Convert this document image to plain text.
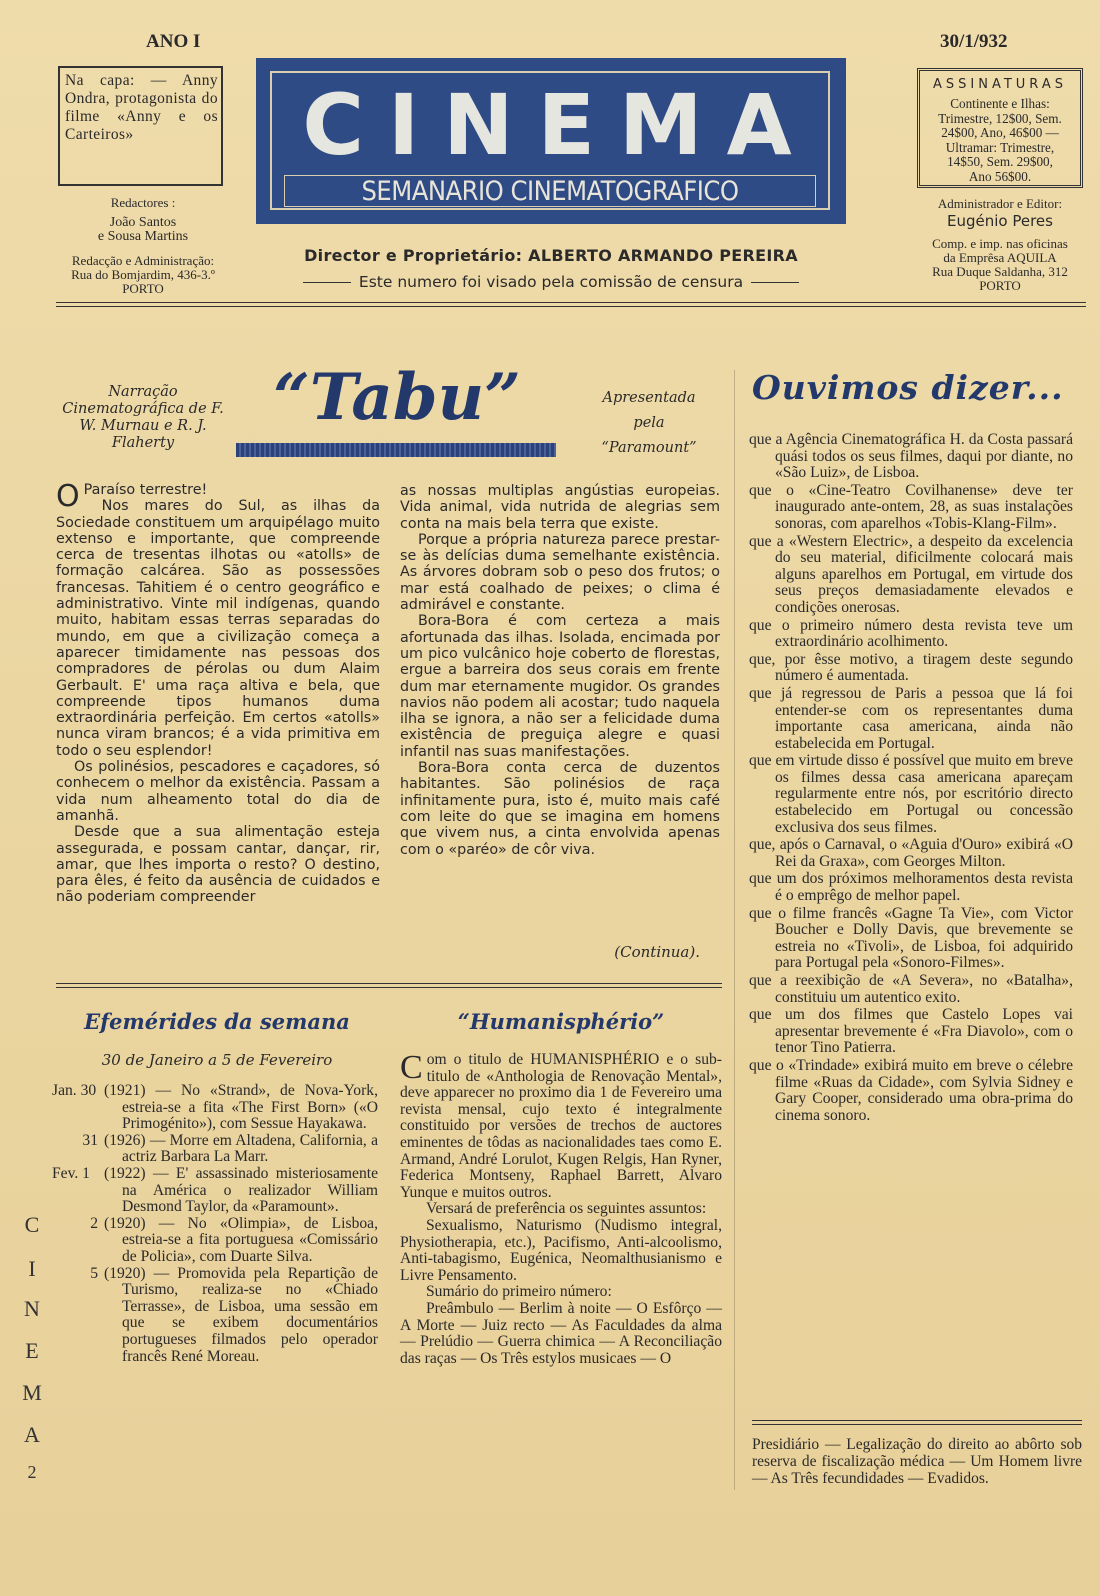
ANO I	30/1/932
Na capa: — Anny Ondra, protagonista do filme «Anny e os Carteiros»
Redactores :
João Santos
e Sousa Martins
Redacção e Administração:
Rua do Bomjardim, 436-3.º
PORTO
CINEMA
SEMANARIO CINEMATOGRAFICO
Director e Proprietário: ALBERTO ARMANDO PEREIRA
Este numero foi visado pela comissão de censura
ASSINATURAS
Continente e Ilhas:
Trimestre, 12$00, Sem.
24$00, Ano, 46$00 —
Ultramar: Trimestre,
14$50, Sem. 29$00,
Ano 56$00.
Administrador e Editor:
Eugénio Peres
Comp. e imp. nas oficinas
da Emprêsa AQUILA
Rua Duque Saldanha, 312
PORTO
Narração Cinematográfica de F. W. Murnau e R. J. Flaherty
“Tabu”	Apresentada pela “Paramount”

O Paraíso terrestre!

Nos mares do Sul, as ilhas da Sociedade constituem um arquipélago muito extenso e importante, que compreende cerca de tresentas ilhotas ou «atolls» de formação calcárea. São as possessões francesas. Tahitiem é o centro geográfico e administrativo. Vinte mil indígenas, quando muito, habitam essas terras separadas do mundo, em que a civilização começa a aparecer timidamente nas pessoas dos compradores de pérolas ou dum Alaim Gerbault. E' uma raça altiva e bela, que compreende tipos humanos duma extraordinária perfeição. Em certos «atolls» nunca viram brancos; é a vida primitiva em todo o seu esplendor!

Os polinésios, pescadores e caçadores, só conhecem o melhor da existência. Passam a vida num alheamento total do dia de amanhã.

Desde que a sua alimentação esteja assegurada, e possam cantar, dançar, rir, amar, que lhes importa o resto? O destino, para êles, é feito da ausência de cuidados e não poderiam compreender

as nossas multiplas angústias europeias. Vida animal, vida nutrida de alegrias sem conta na mais bela terra que existe.

Porque a própria natureza parece prestar-se às delícias duma semelhante existência. As árvores dobram sob o peso dos frutos; o mar está coalhado de peixes; o clima é admirável e constante.

Bora-Bora é com certeza a mais afortunada das ilhas. Isolada, encimada por um pico vulcânico hoje coberto de florestas, ergue a barreira dos seus corais em frente dum mar eternamente mugidor. Os grandes navios não podem ali acostar; tudo naquela ilha se ignora, a não ser a felicidade duma existência de preguiça alegre e quasi infantil nas suas manifestações.

Bora-Bora conta cerca de duzentos habitantes. São polinésios de raça infinitamente pura, isto é, muito mais café com leite do que se imagina em homens que vivem nus, a cinta envolvida apenas com o «paréo» de côr viva.

(Continua).
Ouvimos dizer...

que a Agência Cinematográfica H. da Costa passará quási todos os seus filmes, daqui por diante, no «São Luiz», de Lisboa.

que o «Cine-Teatro Covilhanense» deve ter inaugurado ante-ontem, 28, as suas instalações sonoras, com aparelhos «Tobis-Klang-Film».

que a «Western Electric», a despeito da excelencia do seu material, dificilmente colocará mais alguns aparelhos em Portugal, em virtude dos seus preços demasiadamente elevados e condições onerosas.

que o primeiro número desta revista teve um extraordinário acolhimento.

que, por êsse motivo, a tiragem deste segundo número é aumentada.

que já regressou de Paris a pessoa que lá foi entender-se com os representantes duma importante casa americana, ainda não estabelecida em Portugal.

que em virtude disso é possível que muito em breve os filmes dessa casa americana apareçam regularmente entre nós, por escritório directo estabelecido em Portugal ou concessão exclusiva dos seus filmes.

que, após o Carnaval, o «Aguia d'Ouro» exibirá «O Rei da Graxa», com Georges Milton.

que um dos próximos melhoramentos desta revista é o emprêgo de melhor papel.

que o filme francês «Gagne Ta Vie», com Victor Boucher e Dolly Davis, que brevemente se estreia no «Tivoli», de Lisboa, foi adquirido para Portugal pela «Sonoro-Filmes».

que a reexibição de «A Severa», no «Batalha», constituiu um autentico exito.

que um dos filmes que Castelo Lopes vai apresentar brevemente é «Fra Diavolo», com o tenor Tino Patierra.

que o «Trindade» exibirá muito em breve o célebre filme «Ruas da Cidade», com Sylvia Sidney e Gary Cooper, considerado uma obra-prima do cinema sonoro.

Presidiário — Legalização do direito ao abôrto sob reserva de fiscalização médica — Um Homem livre — As Três fecundidades — Evadidos.
Efemérides da semana
30 de Janeiro a 5 de Fevereiro
Jan. 30 (1921) — No «Strand», de Nova-York, estreia-se a fita «The First Born» («O Primogénito»), com Sessue Hayakawa.
31 (1926) — Morre em Altadena, California, a actriz Barbara La Marr.
Fev. 1 (1922) — E' assassinado misteriosamente na América o realizador William Desmond Taylor, da «Paramount».
2 (1920) — No «Olimpia», de Lisboa, estreia-se a fita portuguesa «Comissário de Policia», com Duarte Silva.
5 (1920) — Promovida pela Repartição de Turismo, realiza-se no «Chiado Terrasse», de Lisboa, uma sessão em que se exibem documentários portugueses filmados pelo operador francês René Moreau.
“Humanisphério”

Com o titulo de HUMANISPHÉRIO e o sub-titulo de «Anthologia de Renovação Mental», deve apparecer no proximo dia 1 de Fevereiro uma revista mensal, cujo texto é integralmente constituido por versões de trechos de auctores eminentes de tôdas as nacionalidades taes como E. Armand, André Lorulot, Kugen Relgis, Han Ryner, Federica Montseny, Raphael Barrett, Alvaro Yunque e muitos outros.

Versará de preferência os seguintes assuntos:

Sexualismo, Naturismo (Nudismo integral, Physiotherapia, etc.), Pacifismo, Anti-alcoolismo, Anti-tabagismo, Eugénica, Neomalthusianismo e Livre Pensamento.

Sumário do primeiro número:

Preâmbulo — Berlim à noite — O Esfôrço — A Morte — Juiz recto — As Faculdades da alma — Prelúdio — Guerra chimica — A Reconciliação das raças — Os Três estylos musicaes — O

C
I
N
E
M
A
2
